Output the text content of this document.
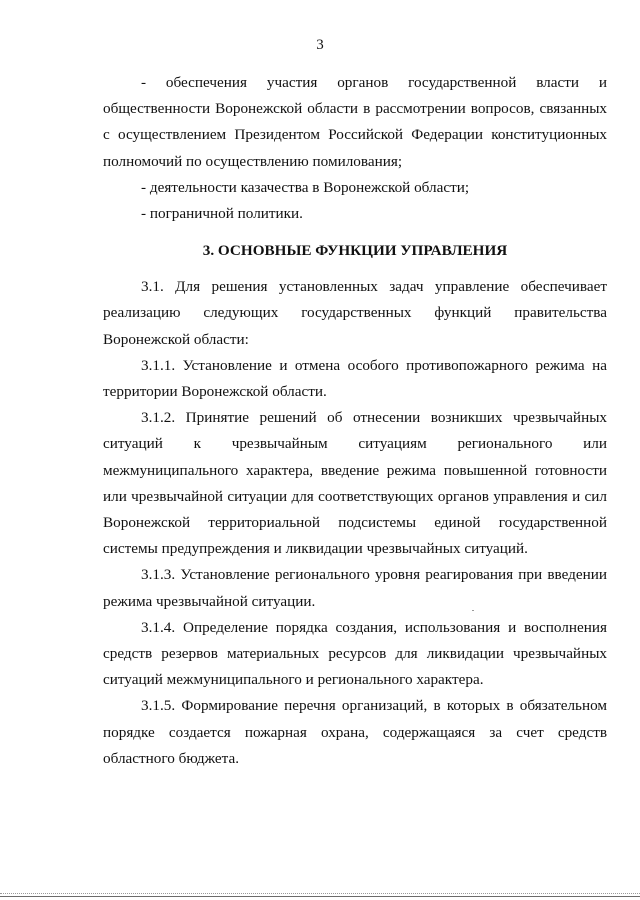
3

- обеспечения участия органов государственной власти и общественности Воронежской области в рассмотрении вопросов, связанных с осуществлением Президентом Российской Федерации конституционных полномочий по осуществлению помилования;

- деятельности казачества в Воронежской области;

- пограничной политики.

3. ОСНОВНЫЕ ФУНКЦИИ УПРАВЛЕНИЯ

3.1. Для решения установленных задач управление обеспечивает реализацию следующих государственных функций правительства Воронежской области:

3.1.1. Установление и отмена особого противопожарного режима на территории Воронежской области.

3.1.2. Принятие решений об отнесении возникших чрезвычайных ситуаций к чрезвычайным ситуациям регионального или межмуниципального характера, введение режима повышенной готовности или чрезвычайной ситуации для соответствующих органов управления и сил Воронежской территориальной подсистемы единой государственной системы предупреждения и ликвидации чрезвычайных ситуаций.

3.1.3. Установление регионального уровня реагирования при введении режима чрезвычайной ситуации.

3.1.4. Определение порядка создания, использования и восполнения средств резервов материальных ресурсов для ликвидации чрезвычайных ситуаций межмуниципального и регионального характера.

3.1.5. Формирование перечня организаций, в которых в обязательном порядке создается пожарная охрана, содержащаяся за счет средств областного бюджета.
